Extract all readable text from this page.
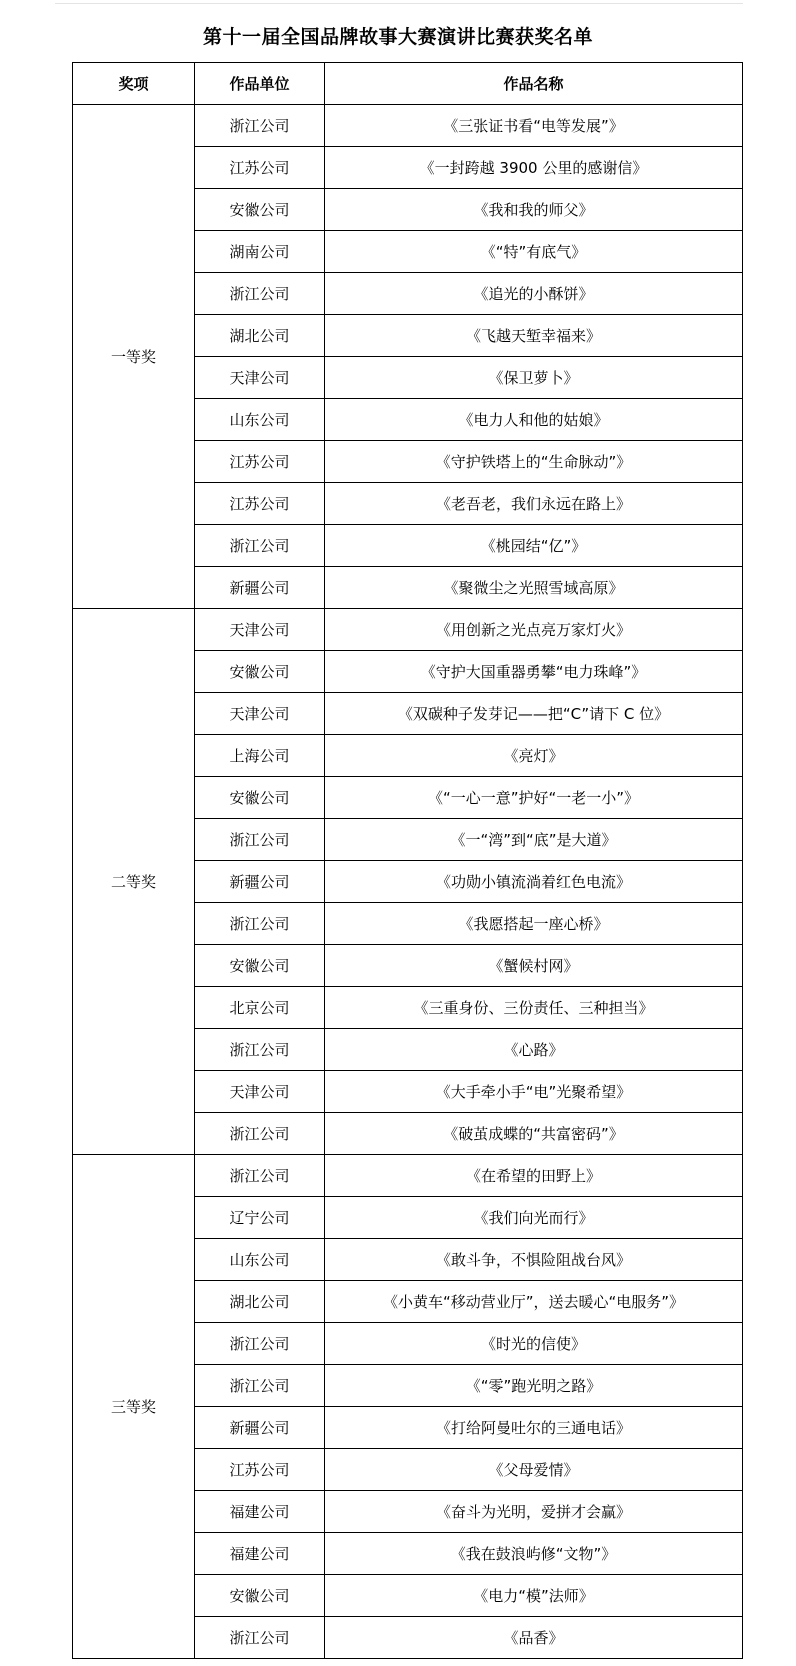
第十一届全国品牌故事大赛演讲比赛获奖名单
奖项	作品单位	作品名称
一等奖	浙江公司	《三张证书看“电等发展”》
	江苏公司	《一封跨越 3900 公里的感谢信》
	安徽公司	《我和我的师父》
	湖南公司	《“特”有底气》
	浙江公司	《追光的小酥饼》
	湖北公司	《飞越天堑幸福来》
	天津公司	《保卫萝卜》
	山东公司	《电力人和他的姑娘》
	江苏公司	《守护铁塔上的“生命脉动”》
	江苏公司	《老吾老，我们永远在路上》
	浙江公司	《桃园结“亿”》
	新疆公司	《聚微尘之光照雪域高原》
二等奖	天津公司	《用创新之光点亮万家灯火》
	安徽公司	《守护大国重器勇攀“电力珠峰”》
	天津公司	《双碳种子发芽记——把“C”请下 C 位》
	上海公司	《亮灯》
	安徽公司	《“一心一意”护好“一老一小”》
	浙江公司	《一“湾”到“底”是大道》
	新疆公司	《功勋小镇流淌着红色电流》
	浙江公司	《我愿搭起一座心桥》
	安徽公司	《蟹候村网》
	北京公司	《三重身份、三份责任、三种担当》
	浙江公司	《心路》
	天津公司	《大手牵小手“电”光聚希望》
	浙江公司	《破茧成蝶的“共富密码”》
三等奖	浙江公司	《在希望的田野上》
	辽宁公司	《我们向光而行》
	山东公司	《敢斗争，不惧险阻战台风》
	湖北公司	《小黄车“移动营业厅”，送去暖心“电服务”》
	浙江公司	《时光的信使》
	浙江公司	《“零”跑光明之路》
	新疆公司	《打给阿曼吐尔的三通电话》
	江苏公司	《父母爱情》
	福建公司	《奋斗为光明，爱拼才会赢》
	福建公司	《我在鼓浪屿修“文物”》
	安徽公司	《电力“模”法师》
	浙江公司	《品香》
